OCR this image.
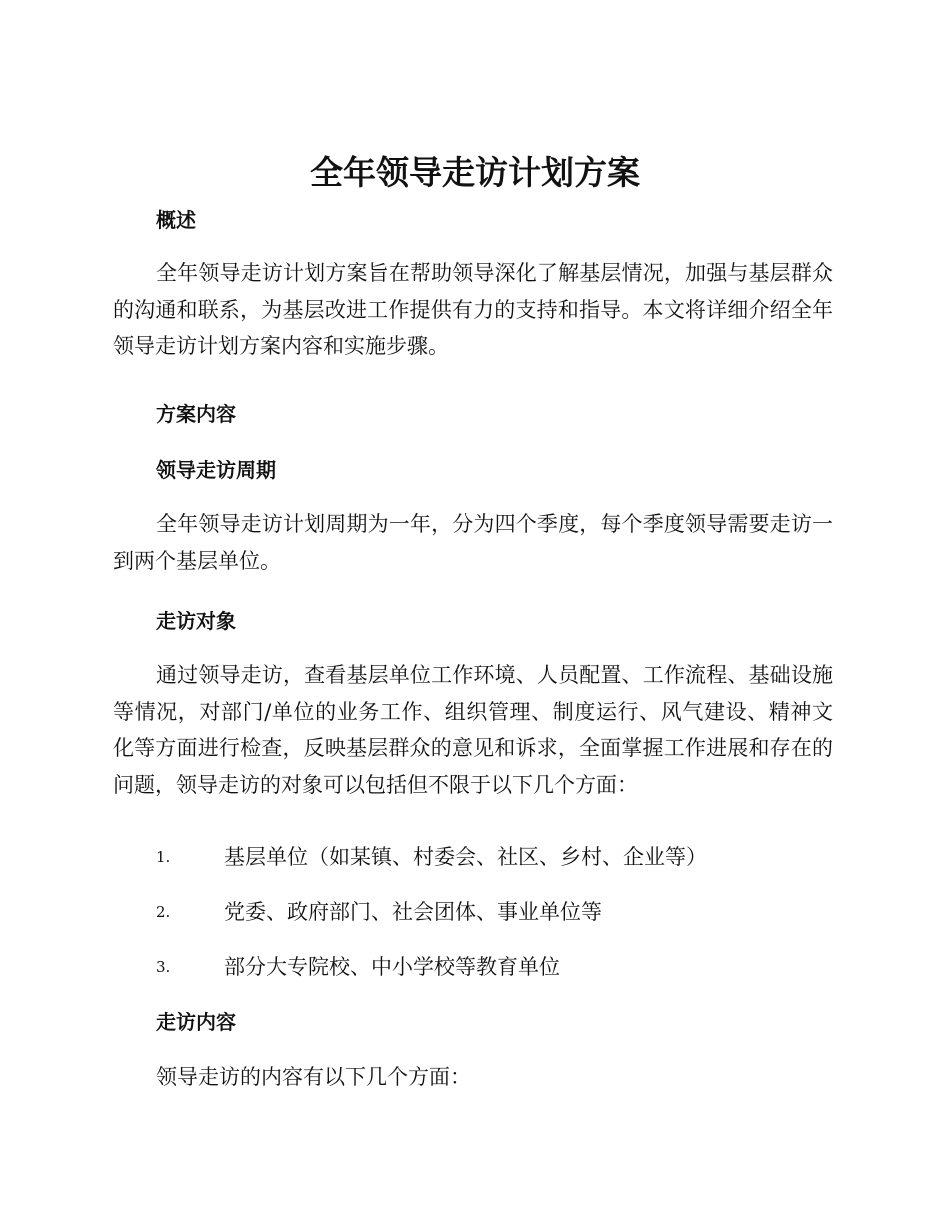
全年领导走访计划方案
概述

全年领导走访计划方案旨在帮助领导深化了解基层情况，加强与基层群众的沟通和联系，为基层改进工作提供有力的支持和指导。本文将详细介绍全年领导走访计划方案内容和实施步骤。

方案内容
领导走访周期

全年领导走访计划周期为一年，分为四个季度，每个季度领导需要走访一到两个基层单位。

走访对象

通过领导走访，查看基层单位工作环境、人员配置、工作流程、基础设施等情况，对部门/单位的业务工作、组织管理、制度运行、风气建设、精神文化等方面进行检查，反映基层群众的意见和诉求，全面掌握工作进展和存在的问题，领导走访的对象可以包括但不限于以下几个方面：

1.	基层单位（如某镇、村委会、社区、乡村、企业等）
2.	党委、政府部门、社会团体、事业单位等
3.	部分大专院校、中小学校等教育单位
走访内容
领导走访的内容有以下几个方面：
